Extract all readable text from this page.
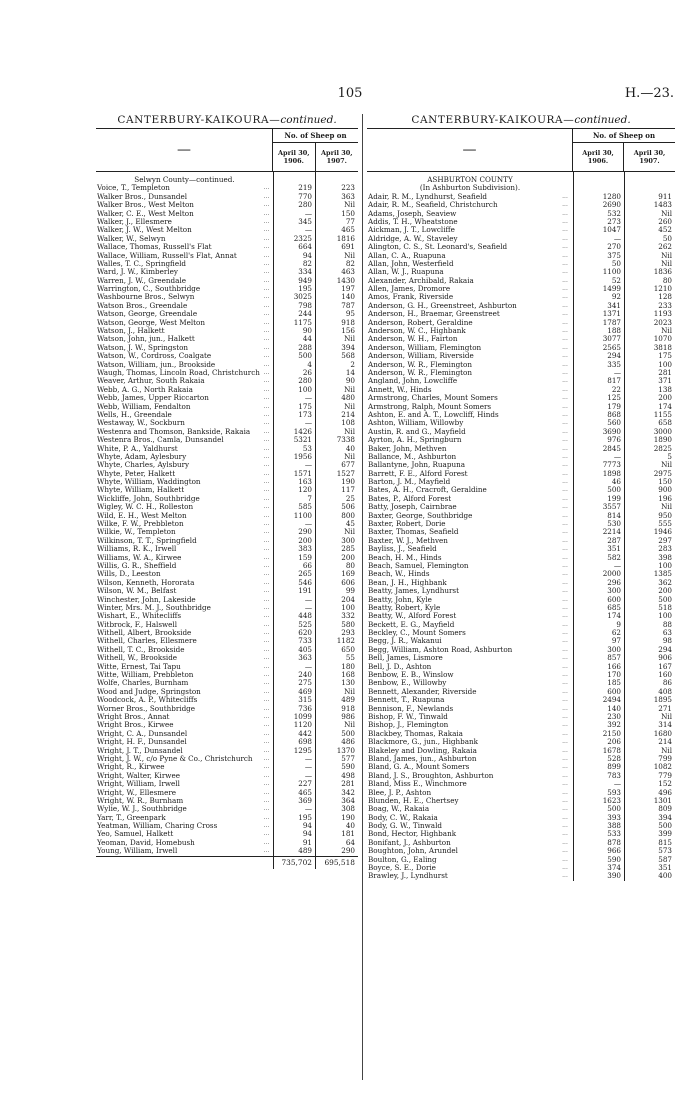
105	H.—23.
CANTERBURY-KAIKOURA—continued.
—
No. of Sheep on
April 30, 1906.
April 30, 1907.
Selwyn County—continued.
Voice, T., Templeton	...	219	223
Walker Bros., Dunsandel	...	770	363
Walker Bros., West Melton	...	280	Nil
Walker, C. E., West Melton	...	—	150
Walker, J., Ellesmere	...	345	77
Walker, J. W., West Melton	...	—	465
Walker, W., Selwyn	...	2325	1816
Wallace, Thomas, Russell's Flat	...	664	691
Wallace, William, Russell's Flat, Annat	...	94	Nil
Walles, T. C., Springfield	...	82	82
Ward, J. W., Kimberley	...	334	463
Warren, J. W., Greendale	...	949	1430
Warrington, C., Southbridge	...	195	197
Washbourne Bros., Selwyn	...	3025	140
Watson Bros., Greendale	...	798	787
Watson, George, Greendale	...	244	95
Watson, George, West Melton	...	1175	918
Watson, J., Halkett	...	90	156
Watson, John, jun., Halkett	...	44	Nil
Watson, J. W., Springston	...	288	394
Watson, W., Cordross, Coalgate	...	500	568
Watson, William, jun., Brookside	...	4	2
Waugh, Thomas, Lincoln Road, Christchurch ...	26	14
Weaver, Arthur, South Rakaia	...	280	90
Webb, A. G., North Rakaia	...	100	Nil
Webb, James, Upper Riccarton	...	—	480
Webb, William, Fendalton	...	175	Nil
Wells, H., Greendale	...	173	214
Westaway, W., Sockburn	...	—	108
Westenra and Thomson, Bankside, Rakaia	...	1426	Nil
Westenra Bros., Camla, Dunsandel	...	5321	7338
White, P. A., Yaldhurst	...	53	40
Whyte, Adam, Aylesbury	...	1956	Nil
Whyte, Charles, Aylsbury	...	—	677
Whyte, Peter, Halkett	...	1571	1527
Whyte, William, Waddington	...	163	190
Whyte, William, Halkett	...	120	117
Wickliffe, John, Southbridge	...	7	25
Wigley, W. C. H., Rolleston	...	585	506
Wild, E. H., West Melton	...	1100	800
Wilke, F. W., Prebbleton	...	—	45
Wilkie, W., Templeton	...	290	Nil
Wilkinson, T. T., Springfield	...	200	300
Williams, R. K., Irwell	...	383	285
Williams, W. A., Kirwee	...	159	200
Willis, G. R., Sheffield	...	66	80
Wills, D., Leeston	...	265	169
Wilson, Kenneth, Hororata	...	546	606
Wilson, W. M., Belfast	...	191	99
Winchester, John, Lakeside	...	—	204
Winter, Mrs. M. J., Southbridge	...	—	100
Wishart, E., Whitecliffs	...	448	332
Witbrock, F., Halswell	...	525	580
Withell, Albert, Brookside	...	620	293
Withell, Charles, Ellesmere	...	733	1182
Withell, T. C., Brookside	...	405	650
Withell, W., Brookside	...	363	55
Witte, Ernest, Tai Tapu	...	—	180
Witte, William, Prebbleton	...	240	168
Wolfe, Charles, Burnham	...	275	130
Wood and Judge, Springston	...	469	Nil
Woodcock, A. P., Whitecliffs	...	315	489
Worner Bros., Southbridge	...	736	918
Wright Bros., Annat	...	1099	986
Wright Bros., Kirwee	...	1120	Nil
Wright, C. A., Dunsandel	...	442	500
Wright, H. F., Dunsandel	...	698	486
Wright, J. T., Dunsandel	...	1295	1370
Wright, J. W., c/o Pyne & Co., Christchurch	...	—	577
Wright, R., Kirwee	...	—	590
Wright, Walter, Kirwee	...	—	498
Wright, William, Irwell	...	227	281
Wright, W., Ellesmere	...	465	342
Wright, W. R., Burnham	...	369	364
Wylie, W. J., Southbridge	...	—	308
Yarr, T., Greenpark	...	195	190
Yeatman, William, Charing Cross	...	94	40
Yeo, Samuel, Halkett	...	94	181
Yeoman, David, Homebush	...	91	64
Young, William, Irwell	...	489	290
735,702	695,518
CANTERBURY-KAIKOURA—continued.
—
No. of Sheep on
April 30, 1906.
April 30, 1907.
ASHBURTON COUNTY
(In Ashburton Subdivision).
Adair, R. M., Lyndhurst, Seafield	...	1280	911
Adair, R. M., Seafield, Christchurch	...	2690	1483
Adams, Joseph, Seaview	...	532	Nil
Addis, T. H., Wheatstone	...	273	260
Aickman, J. T., Lowcliffe	...	1047	452
Aldridge, A. W., Staveley	...	—	50
Alington, C. S., St. Leonard's, Seafield	...	270	262
Allan, C. A., Ruapuna	...	375	Nil
Allan, John, Westerfield	...	50	Nil
Allan, W. J., Ruapuna	...	1100	1836
Alexander, Archibald, Rakaia	...	52	80
Allen, James, Dromore	...	1499	1210
Amos, Frank, Riverside	...	92	128
Anderson, G. H., Greenstreet, Ashburton	...	341	233
Anderson, H., Braemar, Greenstreet	...	1371	1193
Anderson, Robert, Geraldine	...	1787	2023
Anderson, W. C., Highbank	...	188	Nil
Anderson, W. H., Fairton	...	3077	1070
Anderson, William, Flemington	...	2565	3818
Anderson, William, Riverside	...	294	175
Anderson, W. R., Flemington	...	335	100
Anderson, W. R., Flemington	...	—	281
Angland, John, Lowcliffe	...	817	371
Annett, W., Hinds	...	22	138
Armstrong, Charles, Mount Somers	...	125	200
Armstrong, Ralph, Mount Somers	...	179	174
Ashton, E. and A. T., Lowcliff, Hinds	...	868	1155
Ashton, William, Willowby	...	560	658
Austin, R. and G., Mayfield	...	3690	3000
Ayrton, A. H., Springburn	...	976	1890
Baker, John, Methven	...	2845	2825
Ballance, M., Ashburton	...	—	5
Ballantyne, John, Ruapuna	...	7773	Nil
Barrett, F. E., Alford Forest	...	1898	2975
Barton, J. M., Mayfield	...	46	150
Bates, A. H., Cracroft, Geraldine	...	500	900
Bates, P., Alford Forest	...	199	196
Batty, Joseph, Cairnbrae	...	3557	Nil
Baxter, George, Southbridge	...	814	950
Baxter, Robert, Dorie	...	530	555
Baxter, Thomas, Seafield	...	2214	1946
Baxter, W. J., Methven	...	287	297
Bayliss, J., Seafield	...	351	283
Beach, H. M., Hinds	...	582	398
Beach, Samuel, Flemington	...	—	100
Beach, W., Hinds	...	2000	1385
Bean, J. H., Highbank	...	296	362
Beatty, James, Lyndhurst	...	300	200
Beatty, John, Kyle	...	600	500
Beatty, Robert, Kyle	...	685	518
Beatty, W., Alford Forest	...	174	100
Beckett, E. G., Mayfield	...	9	88
Beckley, C., Mount Somers	...	62	63
Begg, J. R., Wakanui	...	97	98
Begg, William, Ashton Road, Ashburton	...	300	294
Bell, James, Lismore	...	857	906
Bell, J. D., Ashton	...	166	167
Benbow, E. B., Winslow	...	170	160
Benbow, E., Willowby	...	185	86
Bennett, Alexander, Riverside	...	600	408
Bennett, T., Ruapuna	...	2494	1895
Bennison, F., Newlands	...	140	271
Bishop, F. W., Tinwald	...	230	Nil
Bishop, J., Flemington	...	392	314
Blackbey, Thomas, Rakaia	...	2150	1680
Blackmore, G., jun., Highbank	...	206	214
Blakeley and Dowling, Rakaia	...	1678	Nil
Bland, James, jun., Ashburton	...	528	799
Bland, G. A., Mount Somers	...	899	1082
Bland, J. S., Broughton, Ashburton	...	783	779
Bland, Miss E., Winchmore	...	—	152
Blee, J. P., Ashton	...	593	496
Blunden, H. E., Chertsey	...	1623	1301
Boag, W., Rakaia	...	500	809
Body, C. W., Rakaia	...	393	394
Body, G. W., Tinwald	...	388	500
Bond, Hector, Highbank	...	533	399
Bonifant, J., Ashburton	...	878	815
Boughton, John, Arundel	...	966	573
Boulton, G., Ealing	...	590	587
Boyce, S. E., Dorie	...	374	351
Brawley, J., Lyndhurst	...	390	400
